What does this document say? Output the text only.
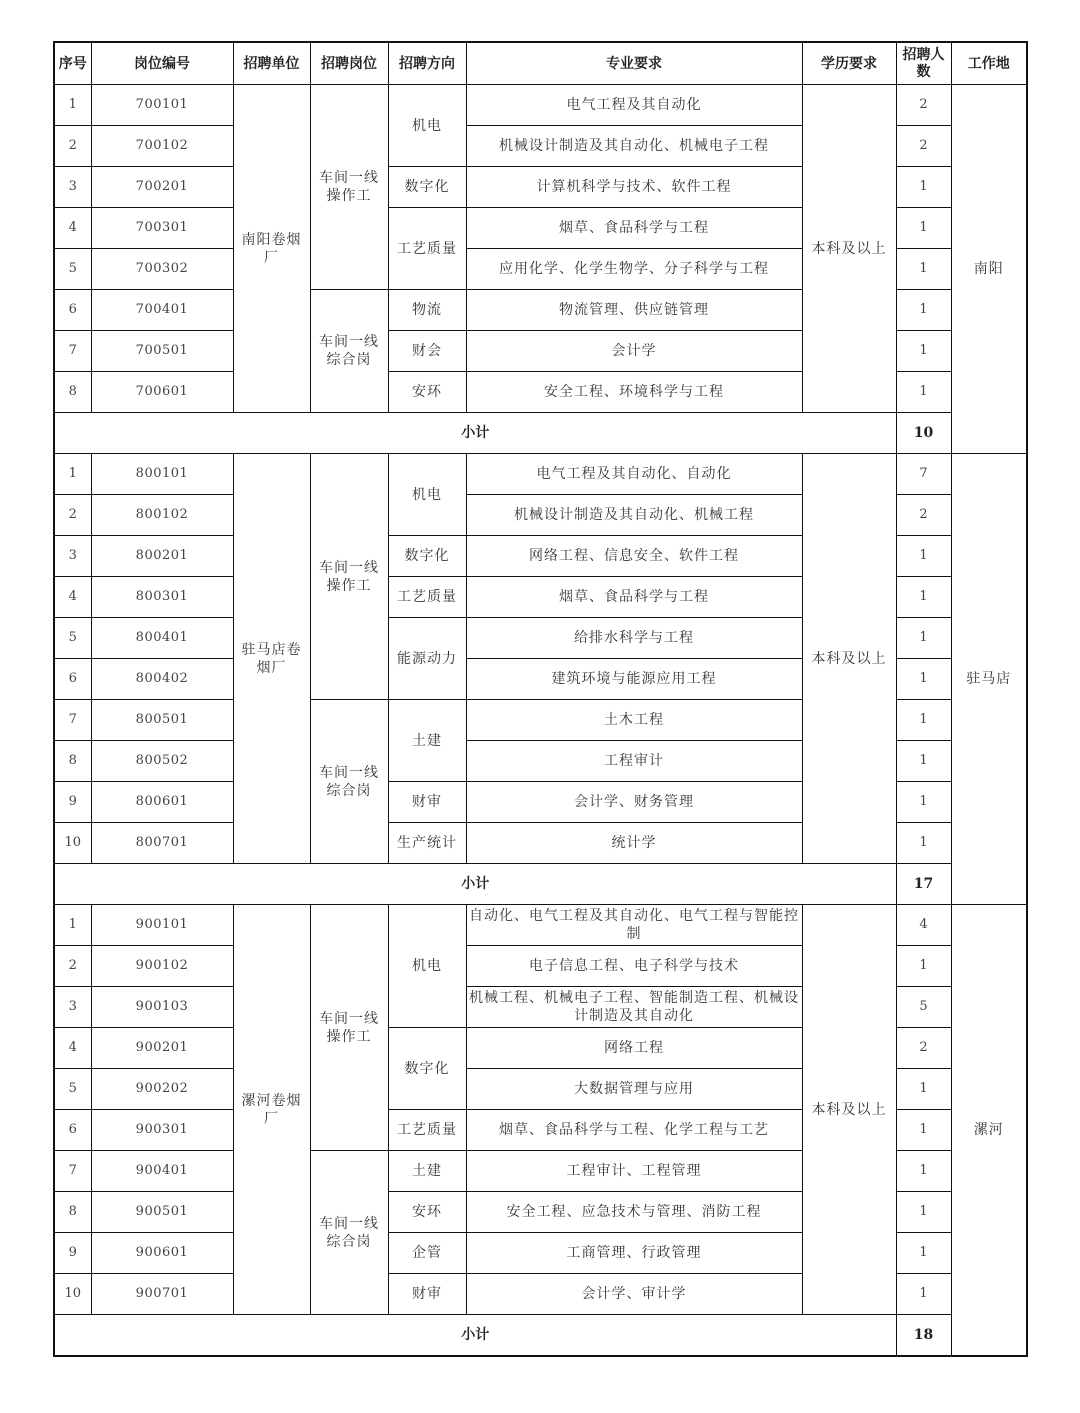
序号	岗位编号	招聘单位	招聘岗位	招聘方向	专业要求	学历要求	招聘人数	工作地
1	700101	南阳卷烟厂	车间一线操作工	机电	电气工程及其自动化	本科及以上	2	南阳
2	700102				机械设计制造及其自动化、机械电子工程		2	
3	700201			数字化	计算机科学与技术、软件工程		1	
4	700301			工艺质量	烟草、食品科学与工程		1	
5	700302				应用化学、化学生物学、分子科学与工程		1	
6	700401		车间一线综合岗	物流	物流管理、供应链管理		1	
7	700501			财会	会计学		1	
8	700601			安环	安全工程、环境科学与工程		1	
小计							10	
1	800101	驻马店卷烟厂	车间一线操作工	机电	电气工程及其自动化、自动化	本科及以上	7	驻马店
2	800102				机械设计制造及其自动化、机械工程		2	
3	800201			数字化	网络工程、信息安全、软件工程		1	
4	800301			工艺质量	烟草、食品科学与工程		1	
5	800401			能源动力	给排水科学与工程		1	
6	800402				建筑环境与能源应用工程		1	
7	800501		车间一线综合岗	土建	土木工程		1	
8	800502				工程审计		1	
9	800601			财审	会计学、财务管理		1	
10	800701			生产统计	统计学		1	
小计							17	
1	900101	漯河卷烟厂	车间一线操作工	机电	自动化、电气工程及其自动化、电气工程与智能控制	本科及以上	4	漯河
2	900102				电子信息工程、电子科学与技术		1	
3	900103				机械工程、机械电子工程、智能制造工程、机械设计制造及其自动化		5	
4	900201			数字化	网络工程		2	
5	900202				大数据管理与应用		1	
6	900301			工艺质量	烟草、食品科学与工程、化学工程与工艺		1	
7	900401		车间一线综合岗	土建	工程审计、工程管理		1	
8	900501			安环	安全工程、应急技术与管理、消防工程		1	
9	900601			企管	工商管理、行政管理		1	
10	900701			财审	会计学、审计学		1	
小计							18	
